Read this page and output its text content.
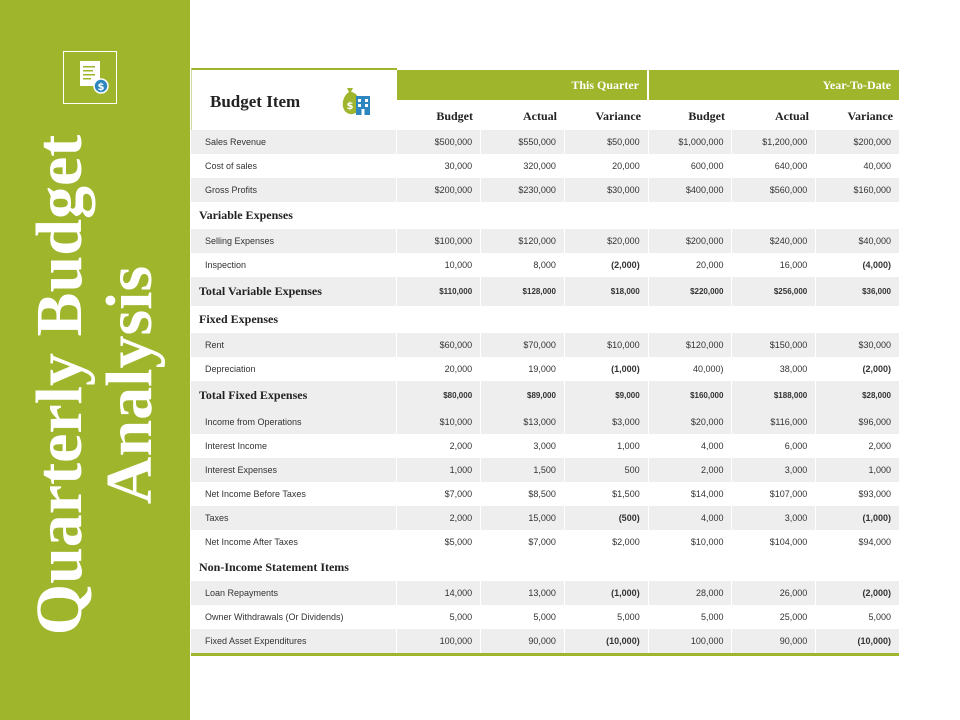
Quarterly Budget
Analysis
$
Budget Item	$
This Quarter	Year-To-Date
Budget	Actual	Variance	Budget	Actual	Variance
Sales Revenue	$500,000	$550,000	$50,000	$1,000,000	$1,200,000	$200,000
Cost of sales	30,000	320,000	20,000	600,000	640,000	40,000
Gross Profits	$200,000	$230,000	$30,000	$400,000	$560,000	$160,000
Variable Expenses
Selling Expenses	$100,000	$120,000	$20,000	$200,000	$240,000	$40,000
Inspection	10,000	8,000	(2,000)	20,000	16,000	(4,000)
Total Variable Expenses	$110,000	$128,000	$18,000	$220,000	$256,000	$36,000
Fixed Expenses
Rent	$60,000	$70,000	$10,000	$120,000	$150,000	$30,000
Depreciation	20,000	19,000	(1,000)	40,000)	38,000	(2,000)
Total Fixed Expenses	$80,000	$89,000	$9,000	$160,000	$188,000	$28,000
Income from Operations	$10,000	$13,000	$3,000	$20,000	$116,000	$96,000
Interest Income	2,000	3,000	1,000	4,000	6,000	2,000
Interest Expenses	1,000	1,500	500	2,000	3,000	1,000
Net Income Before Taxes	$7,000	$8,500	$1,500	$14,000	$107,000	$93,000
Taxes	2,000	15,000	(500)	4,000	3,000	(1,000)
Net Income After Taxes	$5,000	$7,000	$2,000	$10,000	$104,000	$94,000
Non-Income Statement Items
Loan Repayments	14,000	13,000	(1,000)	28,000	26,000	(2,000)
Owner Withdrawals (Or Dividends)	5,000	5,000	5,000	5,000	25,000	5,000
Fixed Asset Expenditures	100,000	90,000	(10,000)	100,000	90,000	(10,000)
